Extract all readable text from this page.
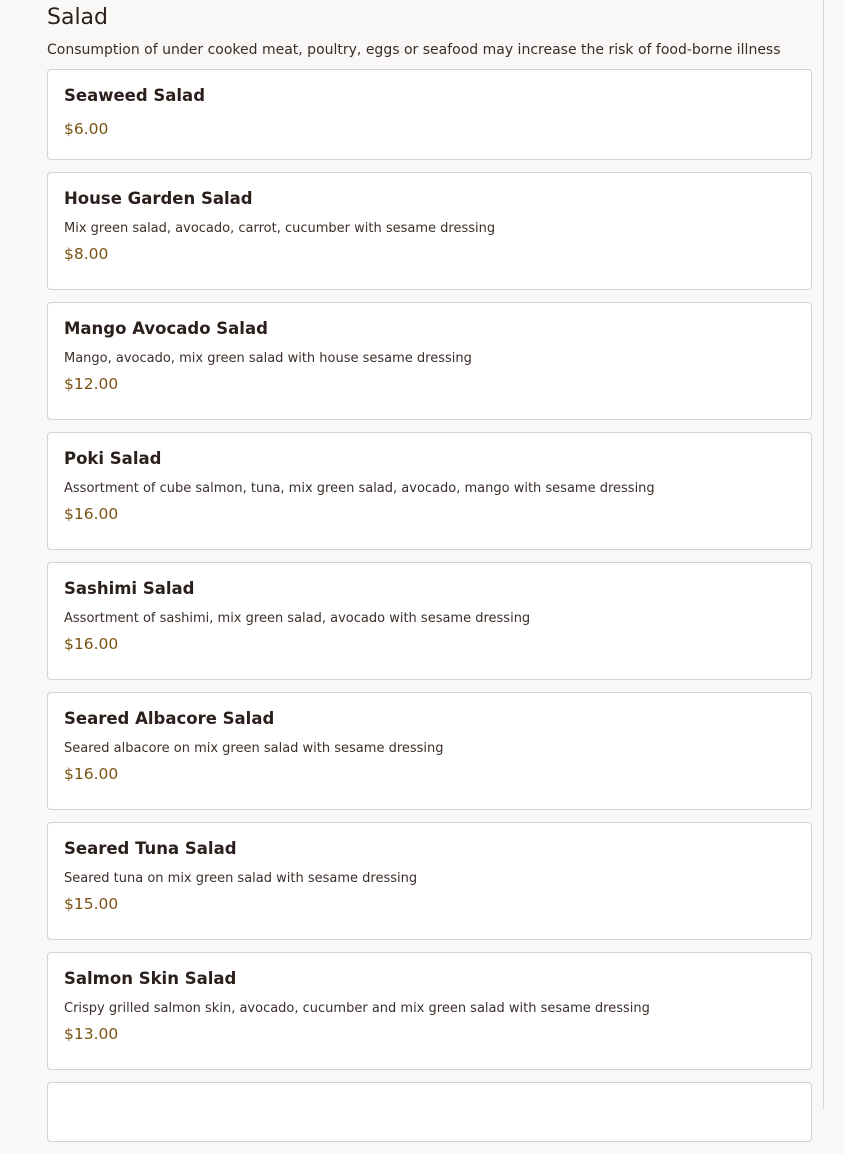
Salad

Consumption of under cooked meat, poultry, eggs or seafood may increase the risk of food-borne illness

Seaweed Salad
$6.00
House Garden Salad
Mix green salad, avocado, carrot, cucumber with sesame dressing
$8.00
Mango Avocado Salad
Mango, avocado, mix green salad with house sesame dressing
$12.00
Poki Salad
Assortment of cube salmon, tuna, mix green salad, avocado, mango with sesame dressing
$16.00
Sashimi Salad
Assortment of sashimi, mix green salad, avocado with sesame dressing
$16.00
Seared Albacore Salad
Seared albacore on mix green salad with sesame dressing
$16.00
Seared Tuna Salad
Seared tuna on mix green salad with sesame dressing
$15.00
Salmon Skin Salad
Crispy grilled salmon skin, avocado, cucumber and mix green salad with sesame dressing
$13.00
